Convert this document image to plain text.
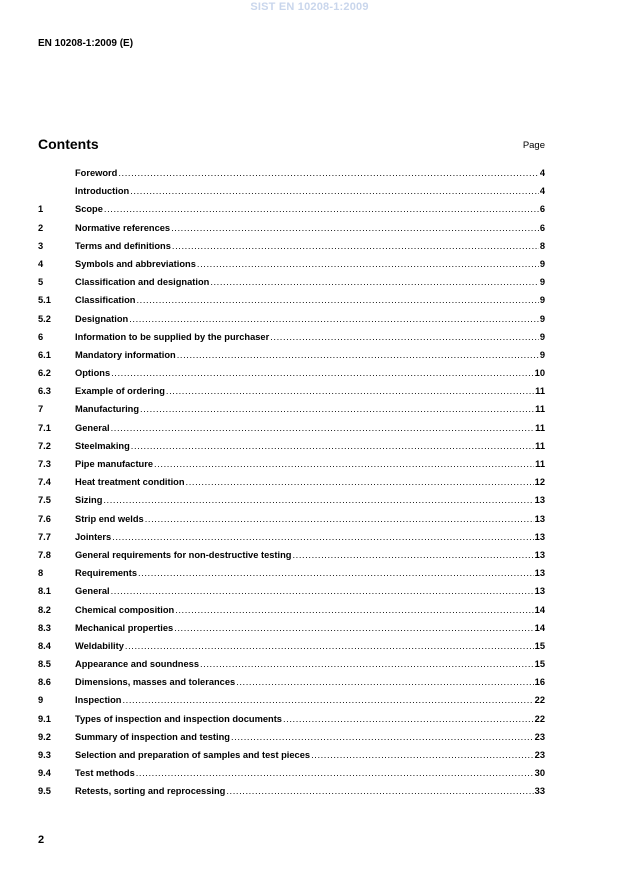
SIST EN 10208-1:2009
EN 10208-1:2009 (E)
Contents	Page
Foreword .....	4
Introduction .....	4
1	Scope .....	6
2	Normative references .....	6
3	Terms and definitions .....	8
4	Symbols and abbreviations .....	9
5	Classification and designation .....	9
5.1	Classification .....	9
5.2	Designation .....	9
6	Information to be supplied by the purchaser .....	9
6.1	Mandatory information .....	9
6.2	Options .....	10
6.3	Example of ordering .....	11
7	Manufacturing .....	11
7.1	General .....	11
7.2	Steelmaking .....	11
7.3	Pipe manufacture .....	11
7.4	Heat treatment condition .....	12
7.5	Sizing .....	13
7.6	Strip end welds .....	13
7.7	Jointers .....	13
7.8	General requirements for non-destructive testing .....	13
8	Requirements .....	13
8.1	General .....	13
8.2	Chemical composition .....	14
8.3	Mechanical properties .....	14
8.4	Weldability .....	15
8.5	Appearance and soundness .....	15
8.6	Dimensions, masses and tolerances .....	16
9	Inspection .....	22
9.1	Types of inspection and inspection documents .....	22
9.2	Summary of inspection and testing .....	23
9.3	Selection and preparation of samples and test pieces .....	23
9.4	Test methods .....	30
9.5	Retests, sorting and reprocessing .....	33
2
